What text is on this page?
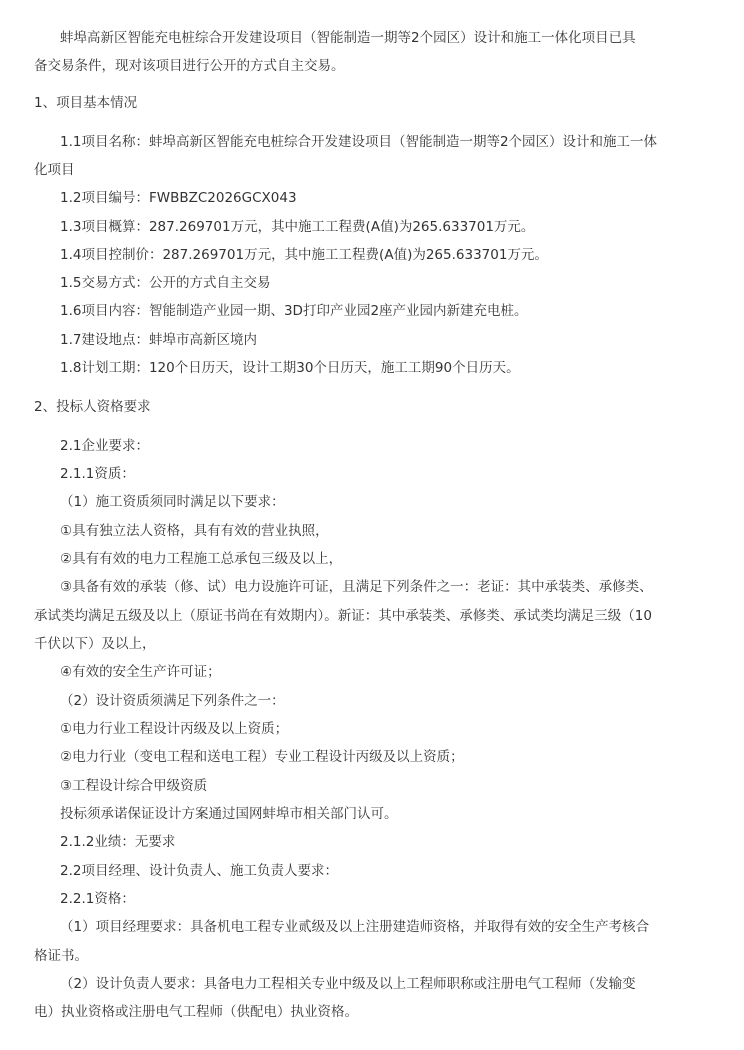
蚌埠高新区智能充电桩综合开发建设项目（智能制造一期等2个园区）设计和施工一体化项目已具
备交易条件，现对该项目进行公开的方式自主交易。
1、项目基本情况
1.1项目名称：蚌埠高新区智能充电桩综合开发建设项目（智能制造一期等2个园区）设计和施工一体
化项目
1.2项目编号：FWBBZC2026GCX043
1.3项目概算：287.269701万元，其中施工工程费(A值)为265.633701万元。
1.4项目控制价：287.269701万元，其中施工工程费(A值)为265.633701万元。
1.5交易方式：公开的方式自主交易
1.6项目内容：智能制造产业园一期、3D打印产业园2座产业园内新建充电桩。
1.7建设地点：蚌埠市高新区境内
1.8计划工期：120个日历天，设计工期30个日历天，施工工期90个日历天。
2、投标人资格要求
2.1企业要求：
2.1.1资质：
（1）施工资质须同时满足以下要求：
①具有独立法人资格，具有有效的营业执照，
②具有有效的电力工程施工总承包三级及以上，
③具备有效的承装（修、试）电力设施许可证，且满足下列条件之一：老证：其中承装类、承修类、
承试类均满足五级及以上（原证书尚在有效期内）。新证：其中承装类、承修类、承试类均满足三级（10
千伏以下）及以上，
④有效的安全生产许可证；
（2）设计资质须满足下列条件之一：
①电力行业工程设计丙级及以上资质；
②电力行业（变电工程和送电工程）专业工程设计丙级及以上资质；
③工程设计综合甲级资质
投标须承诺保证设计方案通过国网蚌埠市相关部门认可。
2.1.2业绩：无要求
2.2项目经理、设计负责人、施工负责人要求：
2.2.1资格：
（1）项目经理要求：具备机电工程专业贰级及以上注册建造师资格，并取得有效的安全生产考核合
格证书。
（2）设计负责人要求：具备电力工程相关专业中级及以上工程师职称或注册电气工程师（发输变
电）执业资格或注册电气工程师（供配电）执业资格。
